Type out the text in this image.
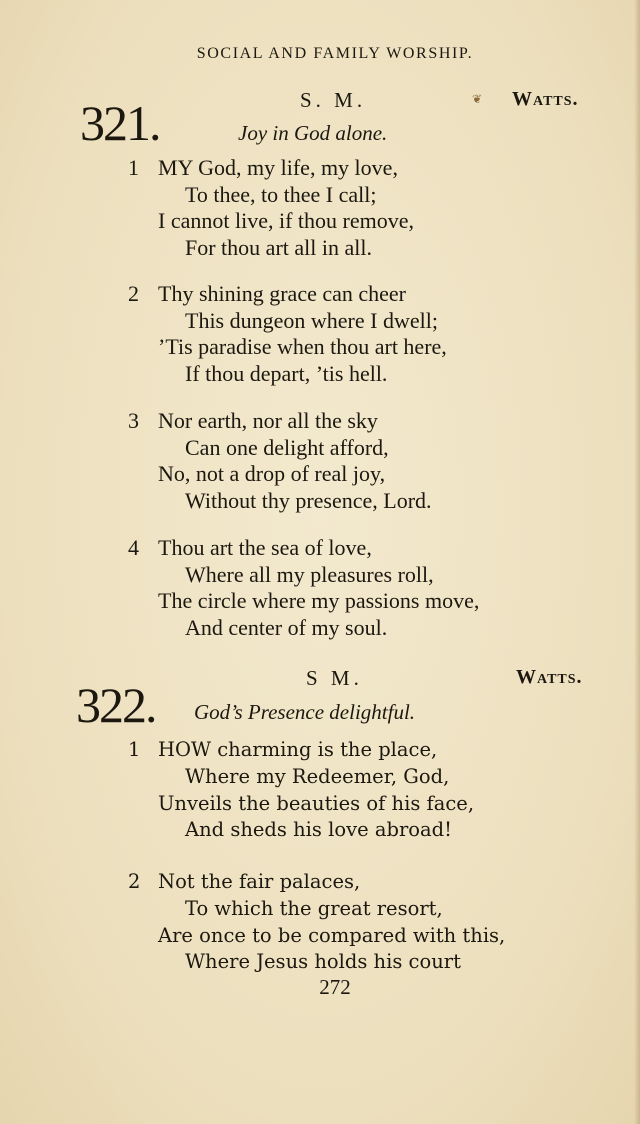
SOCIAL AND FAMILY WORSHIP.
321.	S. M.	❦ Watts.
Joy in God alone.
1 MY God, my life, my love,
To thee, to thee I call;
I cannot live, if thou remove,
For thou art all in all.
2 Thy shining grace can cheer
This dungeon where I dwell;
’Tis paradise when thou art here,
If thou depart, ’tis hell.
3 Nor earth, nor all the sky
Can one delight afford,
No, not a drop of real joy,
Without thy presence, Lord.
4 Thou art the sea of love,
Where all my pleasures roll,
The circle where my passions move,
And center of my soul.
322.	S M.	Watts.
God’s Presence delightful.
1 HOW charming is the place,
Where my Redeemer, God,
Unveils the beauties of his face,
And sheds his love abroad!
2 Not the fair palaces,
To which the great resort,
Are once to be compared with this,
Where Jesus holds his court
272
